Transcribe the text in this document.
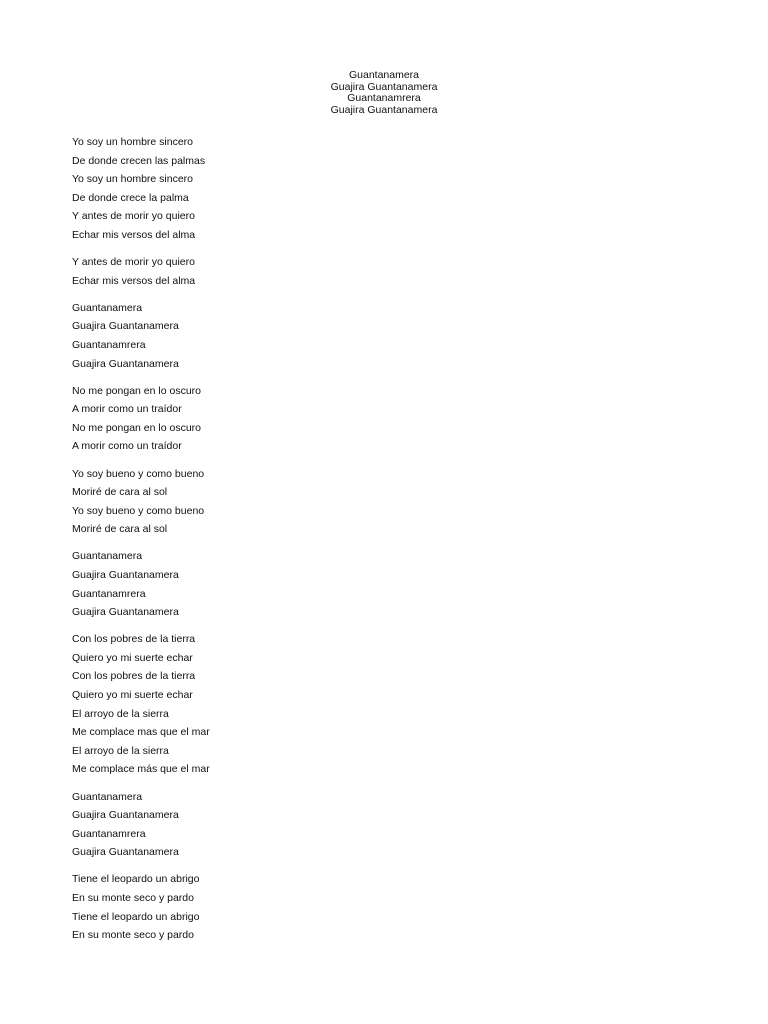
Guantanamera
Guajira Guantanamera
Guantanamrera
Guajira Guantanamera
Yo soy un hombre sincero
De donde crecen las palmas
Yo soy un hombre sincero
De donde crece la palma
Y antes de morir yo quiero
Echar mis versos del alma
Y antes de morir yo quiero
Echar mis versos del alma
Guantanamera
Guajira Guantanamera
Guantanamrera
Guajira Guantanamera
No me pongan en lo oscuro
A morir como un traídor
No me pongan en lo oscuro
A morir como un traídor
Yo soy bueno y como bueno
Moriré de cara al sol
Yo soy bueno y como bueno
Moriré de cara al sol
Guantanamera
Guajira Guantanamera
Guantanamrera
Guajira Guantanamera
Con los pobres de la tierra
Quiero yo mi suerte echar
Con los pobres de la tierra
Quiero yo mi suerte echar
El arroyo de la sierra
Me complace mas que el mar
El arroyo de la sierra
Me complace más que el mar
Guantanamera
Guajira Guantanamera
Guantanamrera
Guajira Guantanamera
Tiene el leopardo un abrigo
En su monte seco y pardo
Tiene el leopardo un abrigo
En su monte seco y pardo
